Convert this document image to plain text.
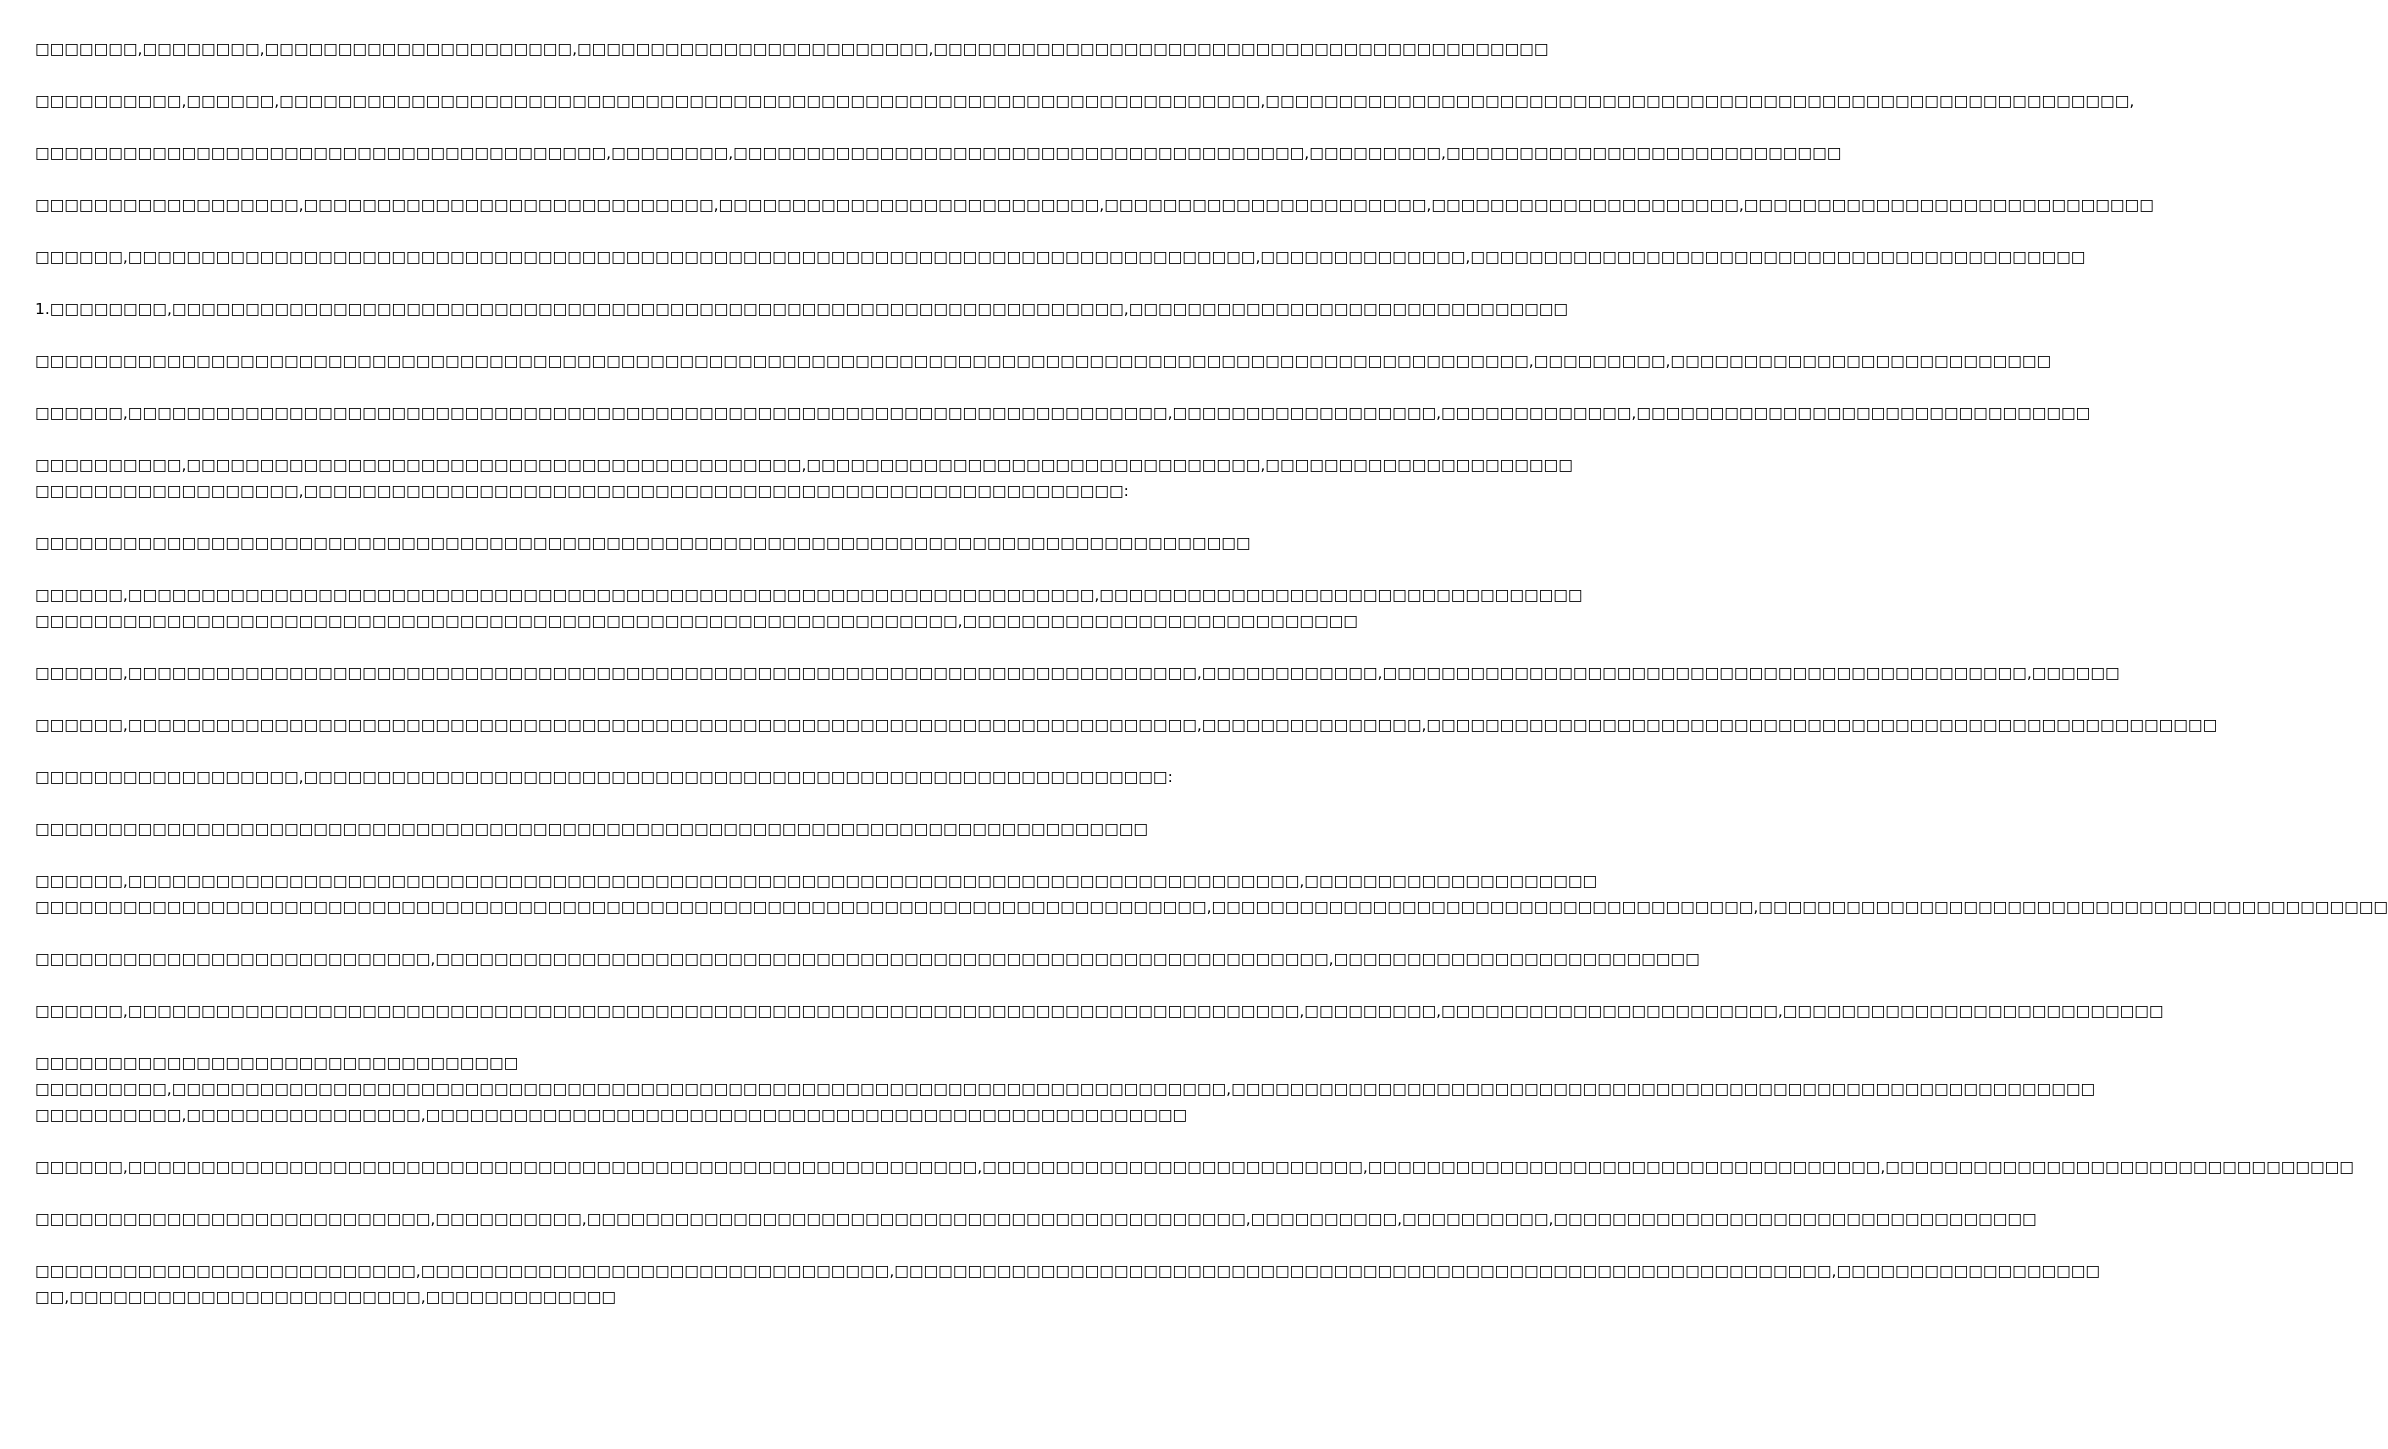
□□□□□□□,□□□□□□□□,□□□□□□□□□□□□□□□□□□□□□,□□□□□□□□□□□□□□□□□□□□□□□□,□□□□□□□□□□□□□□□□□□□□□□□□□□□□□□□□□□□□□□□□□□
□□□□□□□□□□,□□□□□□,□□□□□□□□□□□□□□□□□□□□□□□□□□□□□□□□□□□□□□□□□□□□□□□□□□□□□□□□□□□□□□□□□□□,□□□□□□□□□□□□□□□□□□□□□□□□□□□□□□□□□□□□□□□□□□□□□□□□□□□□□□□□□□□,
□□□□□□□□□□□□□□□□□□□□□□□□□□□□□□□□□□□□□□□,□□□□□□□□,□□□□□□□□□□□□□□□□□□□□□□□□□□□□□□□□□□□□□□□,□□□□□□□□□,□□□□□□□□□□□□□□□□□□□□□□□□□□□
□□□□□□□□□□□□□□□□□□,□□□□□□□□□□□□□□□□□□□□□□□□□□□□,□□□□□□□□□□□□□□□□□□□□□□□□□□,□□□□□□□□□□□□□□□□□□□□□□,□□□□□□□□□□□□□□□□□□□□□,□□□□□□□□□□□□□□□□□□□□□□□□□□□□
□□□□□□,□□□□□□□□□□□□□□□□□□□□□□□□□□□□□□□□□□□□□□□□□□□□□□□□□□□□□□□□□□□□□□□□□□□□□□□□□□□□□,□□□□□□□□□□□□□□,□□□□□□□□□□□□□□□□□□□□□□□□□□□□□□□□□□□□□□□□□□
1.□□□□□□□□,□□□□□□□□□□□□□□□□□□□□□□□□□□□□□□□□□□□□□□□□□□□□□□□□□□□□□□□□□□□□□□□□□,□□□□□□□□□□□□□□□□□□□□□□□□□□□□□□
□□□□□□□□□□□□□□□□□□□□□□□□□□□□□□□□□□□□□□□□□□□□□□□□□□□□□□□□□□□□□□□□□□□□□□□□□□□□□□□□□□□□□□□□□□□□□□□□□□□□□□,□□□□□□□□□,□□□□□□□□□□□□□□□□□□□□□□□□□□
□□□□□□,□□□□□□□□□□□□□□□□□□□□□□□□□□□□□□□□□□□□□□□□□□□□□□□□□□□□□□□□□□□□□□□□□□□□□□□,□□□□□□□□□□□□□□□□□□,□□□□□□□□□□□□□,□□□□□□□□□□□□□□□□□□□□□□□□□□□□□□□
□□□□□□□□□□,□□□□□□□□□□□□□□□□□□□□□□□□□□□□□□□□□□□□□□□□□□,□□□□□□□□□□□□□□□□□□□□□□□□□□□□□□□,□□□□□□□□□□□□□□□□□□□□□
□□□□□□□□□□□□□□□□□□,□□□□□□□□□□□□□□□□□□□□□□□□□□□□□□□□□□□□□□□□□□□□□□□□□□□□□□□□:
□□□□□□□□□□□□□□□□□□□□□□□□□□□□□□□□□□□□□□□□□□□□□□□□□□□□□□□□□□□□□□□□□□□□□□□□□□□□□□□□□□□
□□□□□□,□□□□□□□□□□□□□□□□□□□□□□□□□□□□□□□□□□□□□□□□□□□□□□□□□□□□□□□□□□□□□□□□□□,□□□□□□□□□□□□□□□□□□□□□□□□□□□□□□□□□
□□□□□□□□□□□□□□□□□□□□□□□□□□□□□□□□□□□□□□□□□□□□□□□□□□□□□□□□□□□□□□□,□□□□□□□□□□□□□□□□□□□□□□□□□□□
□□□□□□,□□□□□□□□□□□□□□□□□□□□□□□□□□□□□□□□□□□□□□□□□□□□□□□□□□□□□□□□□□□□□□□□□□□□□□□□□,□□□□□□□□□□□□,□□□□□□□□□□□□□□□□□□□□□□□□□□□□□□□□□□□□□□□□□□□□,□□□□□□
□□□□□□,□□□□□□□□□□□□□□□□□□□□□□□□□□□□□□□□□□□□□□□□□□□□□□□□□□□□□□□□□□□□□□□□□□□□□□□□□,□□□□□□□□□□□□□□□,□□□□□□□□□□□□□□□□□□□□□□□□□□□□□□□□□□□□□□□□□□□□□□□□□□□□□□
□□□□□□□□□□□□□□□□□□,□□□□□□□□□□□□□□□□□□□□□□□□□□□□□□□□□□□□□□□□□□□□□□□□□□□□□□□□□□□:
□□□□□□□□□□□□□□□□□□□□□□□□□□□□□□□□□□□□□□□□□□□□□□□□□□□□□□□□□□□□□□□□□□□□□□□□□□□□
□□□□□□,□□□□□□□□□□□□□□□□□□□□□□□□□□□□□□□□□□□□□□□□□□□□□□□□□□□□□□□□□□□□□□□□□□□□□□□□□□□□□□□□,□□□□□□□□□□□□□□□□□□□□
□□□□□□□□□□□□□□□□□□□□□□□□□□□□□□□□□□□□□□□□□□□□□□□□□□□□□□□□□□□□□□□□□□□□□□□□□□□□□□□□,□□□□□□□□□□□□□□□□□□□□□□□□□□□□□□□□□□□□□,□□□□□□□□□□□□□□□□□□□□□□□□□□□□□□□□□□□□□□□□□□□
□□□□□□□□□□□□□□□□□□□□□□□□□□□,□□□□□□□□□□□□□□□□□□□□□□□□□□□□□□□□□□□□□□□□□□□□□□□□□□□□□□□□□□□□□,□□□□□□□□□□□□□□□□□□□□□□□□□
□□□□□□,□□□□□□□□□□□□□□□□□□□□□□□□□□□□□□□□□□□□□□□□□□□□□□□□□□□□□□□□□□□□□□□□□□□□□□□□□□□□□□□□,□□□□□□□□□,□□□□□□□□□□□□□□□□□□□□□□□,□□□□□□□□□□□□□□□□□□□□□□□□□□
□□□□□□□□□□□□□□□□□□□□□□□□□□□□□□□□□
□□□□□□□□□,□□□□□□□□□□□□□□□□□□□□□□□□□□□□□□□□□□□□□□□□□□□□□□□□□□□□□□□□□□□□□□□□□□□□□□□□,□□□□□□□□□□□□□□□□□□□□□□□□□□□□□□□□□□□□□□□□□□□□□□□□□□□□□□□□□□□
□□□□□□□□□□,□□□□□□□□□□□□□□□□,□□□□□□□□□□□□□□□□□□□□□□□□□□□□□□□□□□□□□□□□□□□□□□□□□□□□
□□□□□□,□□□□□□□□□□□□□□□□□□□□□□□□□□□□□□□□□□□□□□□□□□□□□□□□□□□□□□□□□□,□□□□□□□□□□□□□□□□□□□□□□□□□□,□□□□□□□□□□□□□□□□□□□□□□□□□□□□□□□□□□□,□□□□□□□□□□□□□□□□□□□□□□□□□□□□□□□□
□□□□□□□□□□□□□□□□□□□□□□□□□□□,□□□□□□□□□□,□□□□□□□□□□□□□□□□□□□□□□□□□□□□□□□□□□□□□□□□□□□□□,□□□□□□□□□□,□□□□□□□□□□,□□□□□□□□□□□□□□□□□□□□□□□□□□□□□□□□□
□□□□□□□□□□□□□□□□□□□□□□□□□□,□□□□□□□□□□□□□□□□□□□□□□□□□□□□□□□□,□□□□□□□□□□□□□□□□□□□□□□□□□□□□□□□□□□□□□□□□□□□□□□□□□□□□□□□□□□□□□□□□,□□□□□□□□□□□□□□□□□□
□□,□□□□□□□□□□□□□□□□□□□□□□□□,□□□□□□□□□□□□□
